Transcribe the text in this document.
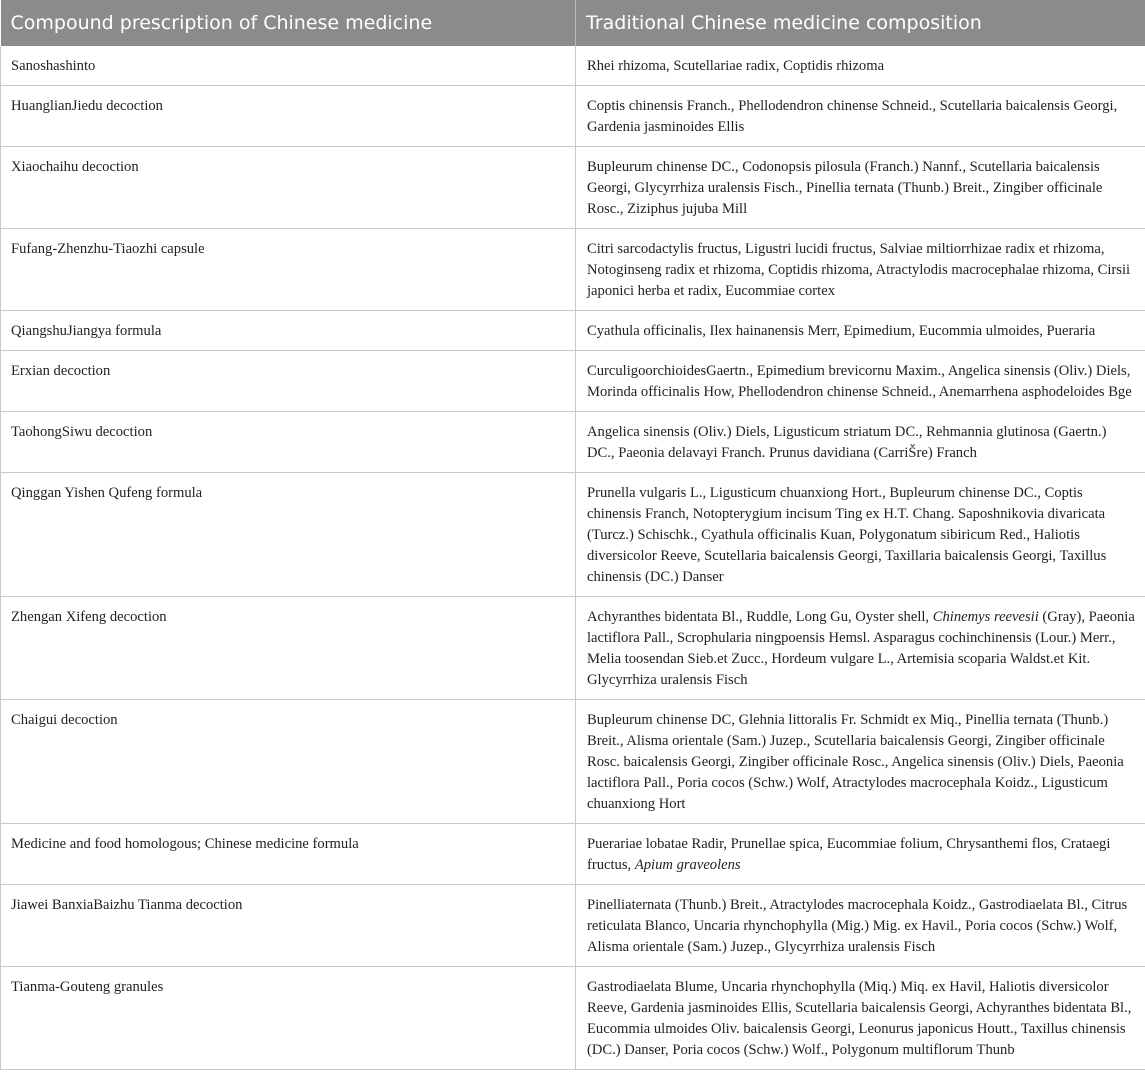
Compound prescription of Chinese medicine	Traditional Chinese medicine composition
Sanoshashinto	Rhei rhizoma, Scutellariae radix, Coptidis rhizoma
HuanglianJiedu decoction	Coptis chinensis Franch., Phellodendron chinense Schneid., Scutellaria baicalensis Georgi, Gardenia jasminoides Ellis
Xiaochaihu decoction	Bupleurum chinense DC., Codonopsis pilosula (Franch.) Nannf., Scutellaria baicalensis Georgi, Glycyrrhiza uralensis Fisch., Pinellia ternata (Thunb.) Breit., Zingiber officinale Rosc., Ziziphus jujuba Mill
Fufang-Zhenzhu-Tiaozhi capsule	Citri sarcodactylis fructus, Ligustri lucidi fructus, Salviae miltiorrhizae radix et rhizoma, Notoginseng radix et rhizoma, Coptidis rhizoma, Atractylodis macrocephalae rhizoma, Cirsii japonici herba et radix, Eucommiae cortex
QiangshuJiangya formula	Cyathula officinalis, Ilex hainanensis Merr, Epimedium, Eucommia ulmoides, Pueraria
Erxian decoction	CurculigoorchioidesGaertn., Epimedium brevicornu Maxim., Angelica sinensis (Oliv.) Diels, Morinda officinalis How, Phellodendron chinense Schneid., Anemarrhena asphodeloides Bge
TaohongSiwu decoction	Angelica sinensis (Oliv.) Diels, Ligusticum striatum DC., Rehmannia glutinosa (Gaertn.) DC., Paeonia delavayi Franch. Prunus davidiana (CarriŠre) Franch
Qinggan Yishen Qufeng formula	Prunella vulgaris L., Ligusticum chuanxiong Hort., Bupleurum chinense DC., Coptis chinensis Franch, Notopterygium incisum Ting ex H.T. Chang. Saposhnikovia divaricata (Turcz.) Schischk., Cyathula officinalis Kuan, Polygonatum sibiricum Red., Haliotis diversicolor Reeve, Scutellaria baicalensis Georgi, Taxillaria baicalensis Georgi, Taxillus chinensis (DC.) Danser
Zhengan Xifeng decoction	Achyranthes bidentata Bl., Ruddle, Long Gu, Oyster shell, Chinemys reevesii (Gray), Paeonia lactiflora Pall., Scrophularia ningpoensis Hemsl. Asparagus cochinchinensis (Lour.) Merr., Melia toosendan Sieb.et Zucc., Hordeum vulgare L., Artemisia scoparia Waldst.et Kit. Glycyrrhiza uralensis Fisch
Chaigui decoction	Bupleurum chinense DC, Glehnia littoralis Fr. Schmidt ex Miq., Pinellia ternata (Thunb.) Breit., Alisma orientale (Sam.) Juzep., Scutellaria baicalensis Georgi, Zingiber officinale Rosc. baicalensis Georgi, Zingiber officinale Rosc., Angelica sinensis (Oliv.) Diels, Paeonia lactiflora Pall., Poria cocos (Schw.) Wolf, Atractylodes macrocephala Koidz., Ligusticum chuanxiong Hort
Medicine and food homologous; Chinese medicine formula	Puerariae lobatae Radir, Prunellae spica, Eucommiae folium, Chrysanthemi flos, Crataegi fructus, Apium graveolens
Jiawei BanxiaBaizhu Tianma decoction	Pinelliaternata (Thunb.) Breit., Atractylodes macrocephala Koidz., Gastrodiaelata Bl., Citrus reticulata Blanco, Uncaria rhynchophylla (Mig.) Mig. ex Havil., Poria cocos (Schw.) Wolf, Alisma orientale (Sam.) Juzep., Glycyrrhiza uralensis Fisch
Tianma-Gouteng granules	Gastrodiaelata Blume, Uncaria rhynchophylla (Miq.) Miq. ex Havil, Haliotis diversicolor Reeve, Gardenia jasminoides Ellis, Scutellaria baicalensis Georgi, Achyranthes bidentata Bl., Eucommia ulmoides Oliv. baicalensis Georgi, Leonurus japonicus Houtt., Taxillus chinensis (DC.) Danser, Poria cocos (Schw.) Wolf., Polygonum multiflorum Thunb
